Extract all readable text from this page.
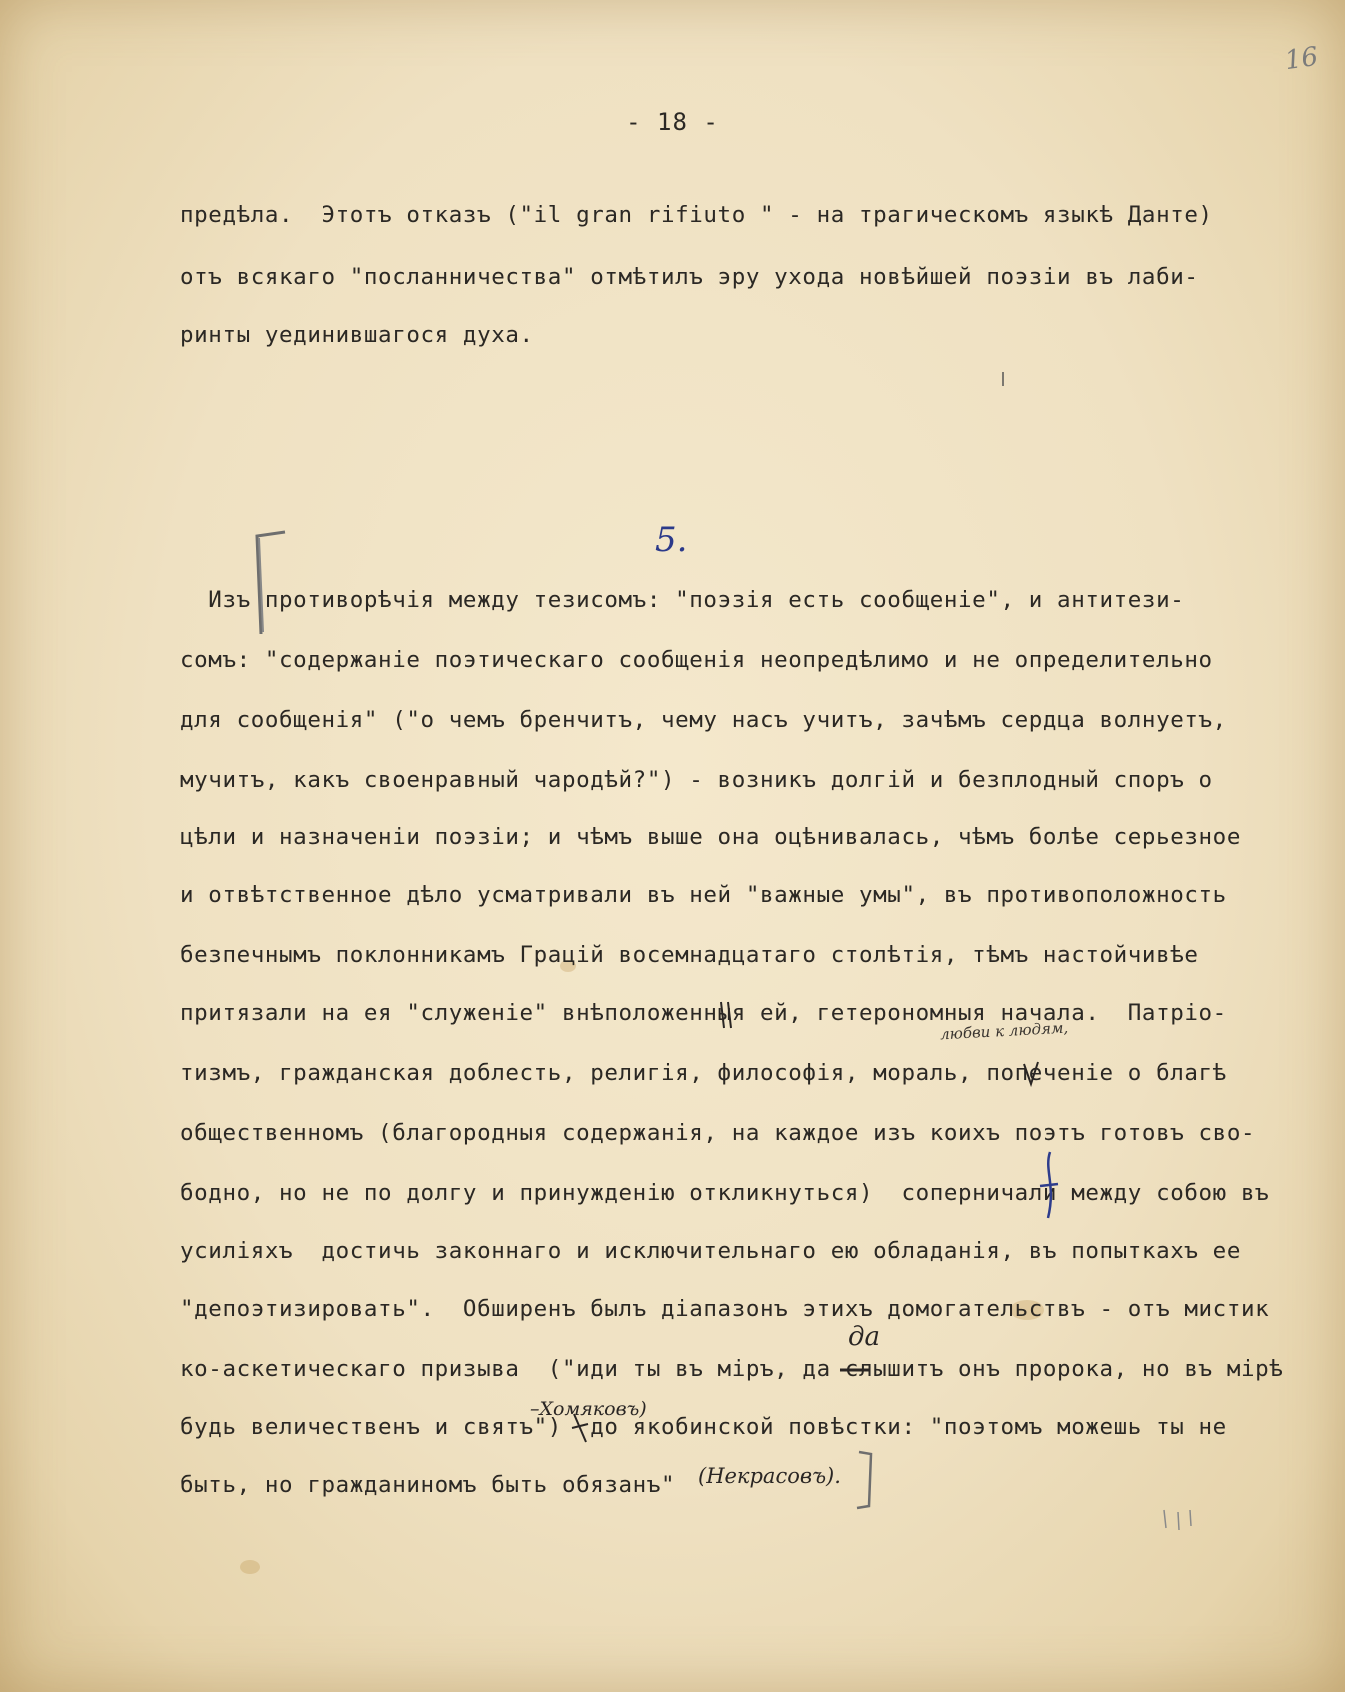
16
- 18 -
предѣла.  Этотъ отказъ ("il gran rifiuto " - на трагическомъ языкѣ Данте)
отъ всякаго "посланничества" отмѣтилъ эру ухода новѣйшей поэзiи въ лаби-
ринты уединившагося духа.
5.
Изъ противорѣчiя между тезисомъ: "поэзiя есть сообщенiе", и антитези-
сомъ: "содержанiе поэтическаго сообщенiя неопредѣлимо и не определительно
для сообщенiя" ("о чемъ бренчитъ, чему насъ учитъ, зачѣмъ сердца волнуетъ,
мучитъ, какъ своенравный чародѣй?") - возникъ долгiй и безплодный споръ о
цѣли и назначенiи поэзiи; и чѣмъ выше она оцѣнивалась, чѣмъ болѣе серьезное
и отвѣтственное дѣло усматривали въ ней "важные умы", въ противоположность
безпечнымъ поклонникамъ Грацiй восемнадцатаго столѣтiя, тѣмъ настойчивѣе
притязали на ея "служенiе" внѣположенныя ей, гетерономныя начала.  Патрiо-
тизмъ, гражданская доблесть, религiя, философiя, мораль, попеченiе о благѣ
общественномъ (благородныя содержанiя, на каждое изъ коихъ поэтъ готовъ сво-
бодно, но не по долгу и принужденiю откликнуться)  соперничали между собою въ
усилiяхъ  достичь законнаго и исключительнаго ею обладанiя, въ попыткахъ ее
"депоэтизировать".  Обширенъ былъ дiапазонъ этихъ домогательствъ - отъ мистик
ко-аскетическаго призыва  ("иди ты въ мiръ, да слышитъ онъ пророка, но въ мiрѣ
будь величественъ и святъ")  до якобинской повѣстки: "поэтомъ можешь ты не
быть, но гражданиномъ быть обязанъ"
любви к людям,
да
–Хомяковъ)
(Некрасовъ).
